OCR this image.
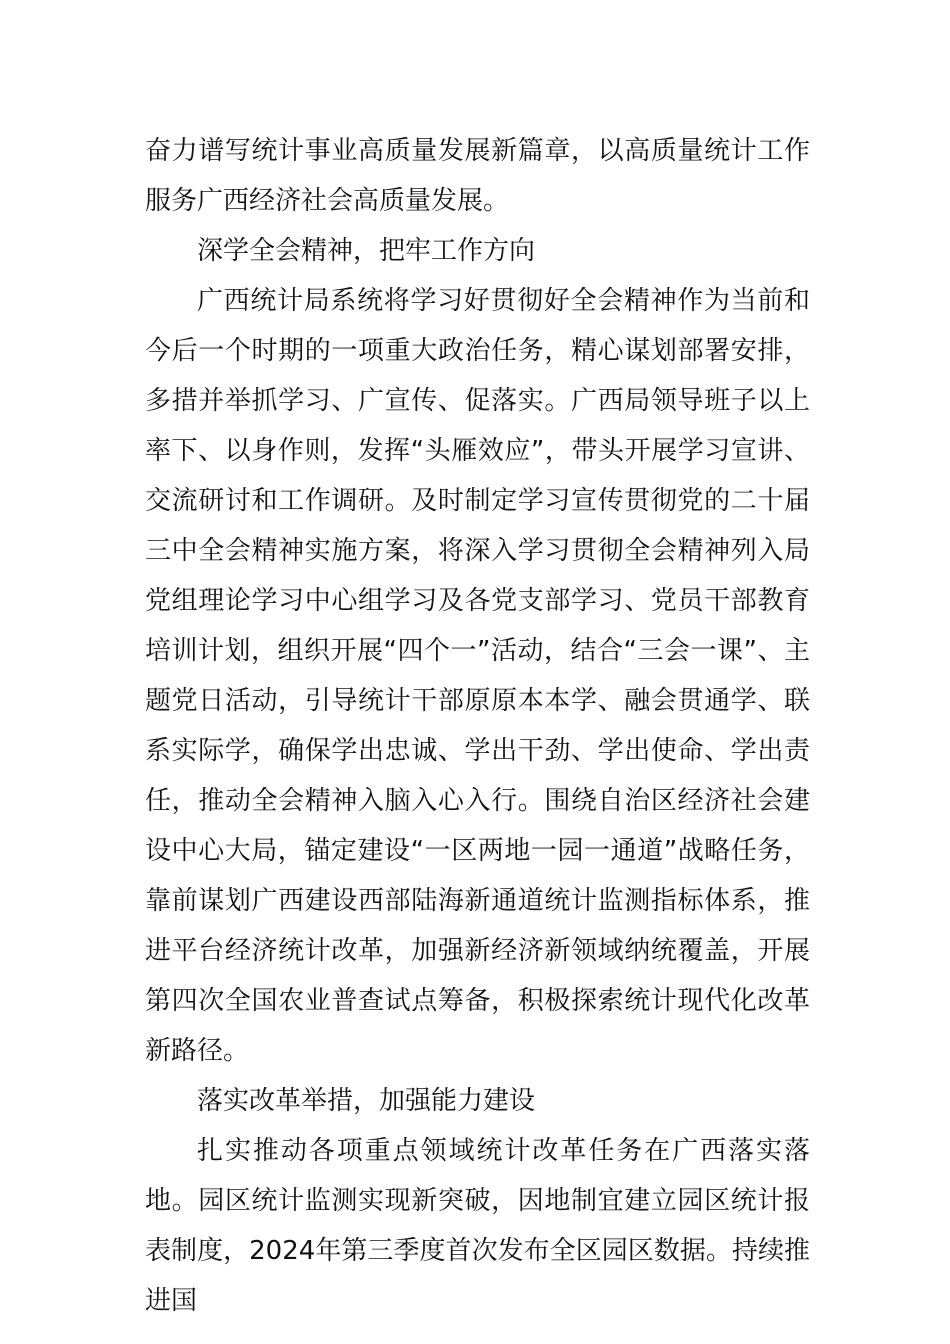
奋力谱写统计事业高质量发展新篇章，以高质量统计工作服务广西经济社会高质量发展。

深学全会精神，把牢工作方向

广西统计局系统将学习好贯彻好全会精神作为当前和今后一个时期的一项重大政治任务，精心谋划部署安排，多措并举抓学习、广宣传、促落实。广西局领导班子以上率下、以身作则，发挥“头雁效应”，带头开展学习宣讲、交流研讨和工作调研。及时制定学习宣传贯彻党的二十届三中全会精神实施方案，将深入学习贯彻全会精神列入局党组理论学习中心组学习及各党支部学习、党员干部教育培训计划，组织开展“四个一”活动，结合“三会一课”、主题党日活动，引导统计干部原原本本学、融会贯通学、联系实际学，确保学出忠诚、学出干劲、学出使命、学出责任，推动全会精神入脑入心入行。围绕自治区经济社会建设中心大局，锚定建设“一区两地一园一通道”战略任务，靠前谋划广西建设西部陆海新通道统计监测指标体系，推进平台经济统计改革，加强新经济新领域纳统覆盖，开展第四次全国农业普查试点筹备，积极探索统计现代化改革新路径。

落实改革举措，加强能力建设

扎实推动各项重点领域统计改革任务在广西落实落地。园区统计监测实现新突破，因地制宜建立园区统计报表制度，2024年第三季度首次发布全区园区数据。持续推进国
